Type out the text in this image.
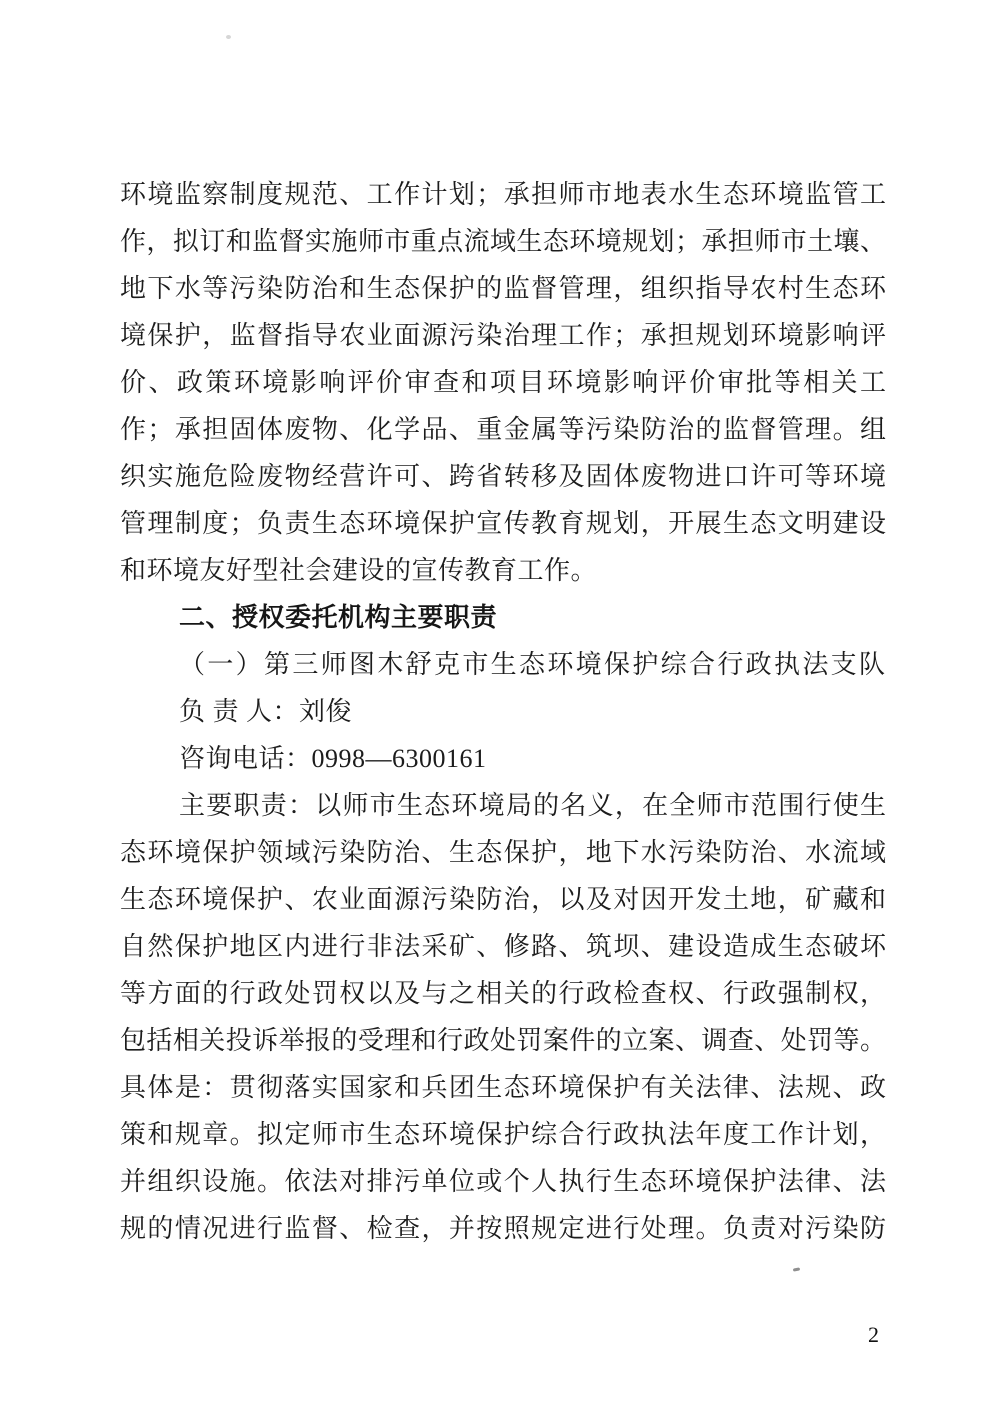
环境监察制度规范、工作计划；承担师市地表水生态环境监管工
作，拟订和监督实施师市重点流域生态环境规划；承担师市土壤、
地下水等污染防治和生态保护的监督管理，组织指导农村生态环
境保护，监督指导农业面源污染治理工作；承担规划环境影响评
价、政策环境影响评价审查和项目环境影响评价审批等相关工
作；承担固体废物、化学品、重金属等污染防治的监督管理。组
织实施危险废物经营许可、跨省转移及固体废物进口许可等环境
管理制度；负责生态环境保护宣传教育规划，开展生态文明建设
和环境友好型社会建设的宣传教育工作。
二、授权委托机构主要职责
（一）第三师图木舒克市生态环境保护综合行政执法支队
负 责 人：刘俊
咨询电话：0998—6300161
主要职责：以师市生态环境局的名义，在全师市范围行使生
态环境保护领域污染防治、生态保护，地下水污染防治、水流域
生态环境保护、农业面源污染防治，以及对因开发土地，矿藏和
自然保护地区内进行非法采矿、修路、筑坝、建设造成生态破坏
等方面的行政处罚权以及与之相关的行政检查权、行政强制权，
包括相关投诉举报的受理和行政处罚案件的立案、调查、处罚等。
具体是：贯彻落实国家和兵团生态环境保护有关法律、法规、政
策和规章。拟定师市生态环境保护综合行政执法年度工作计划，
并组织设施。依法对排污单位或个人执行生态环境保护法律、法
规的情况进行监督、检查，并按照规定进行处理。负责对污染防
2
